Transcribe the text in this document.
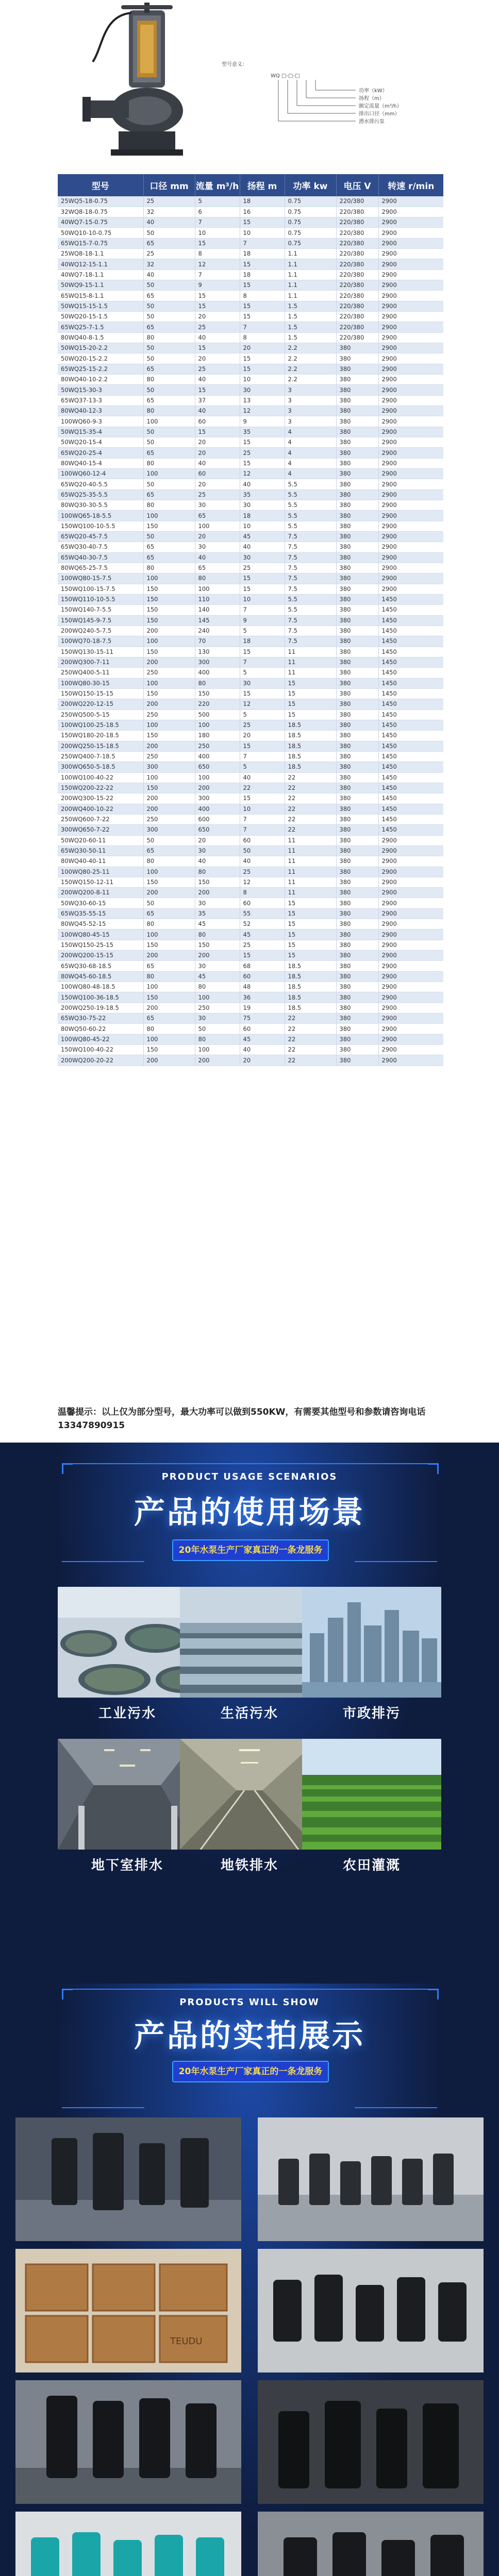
型号意义：
WQ □-□-□
功率（kW）
扬程（m）
额定流量（m³/h）
排出口径（mm）
潜水排污泵
型号	口径 mm	流量 m³/h	扬程 m	功率 kw	电压 V	转速 r/min
25WQ5-18-0.75	25	5	18	0.75	220/380	2900
32WQ8-18-0.75	32	6	16	0.75	220/380	2900
40WQ7-15-0.75	40	7	15	0.75	220/380	2900
50WQ10-10-0.75	50	10	10	0.75	220/380	2900
65WQ15-7-0.75	65	15	7	0.75	220/380	2900
25WQ8-18-1.1	25	8	18	1.1	220/380	2900
40WQ12-15-1.1	32	12	15	1.1	220/380	2900
40WQ7-18-1.1	40	7	18	1.1	220/380	2900
50WQ9-15-1.1	50	9	15	1.1	220/380	2900
65WQ15-8-1.1	65	15	8	1.1	220/380	2900
50WQ15-15-1.5	50	15	15	1.5	220/380	2900
50WQ20-15-1.5	50	20	15	1.5	220/380	2900
65WQ25-7-1.5	65	25	7	1.5	220/380	2900
80WQ40-8-1.5	80	40	8	1.5	220/380	2900
50WQ15-20-2.2	50	15	20	2.2	380	2900
50WQ20-15-2.2	50	20	15	2.2	380	2900
65WQ25-15-2.2	65	25	15	2.2	380	2900
80WQ40-10-2.2	80	40	10	2.2	380	2900
50WQ15-30-3	50	15	30	3	380	2900
65WQ37-13-3	65	37	13	3	380	2900
80WQ40-12-3	80	40	12	3	380	2900
100WQ60-9-3	100	60	9	3	380	2900
50WQ15-35-4	50	15	35	4	380	2900
50WQ20-15-4	50	20	15	4	380	2900
65WQ20-25-4	65	20	25	4	380	2900
80WQ40-15-4	80	40	15	4	380	2900
100WQ60-12-4	100	60	12	4	380	2900
65WQ20-40-5.5	50	20	40	5.5	380	2900
65WQ25-35-5.5	65	25	35	5.5	380	2900
80WQ30-30-5.5	80	30	30	5.5	380	2900
100WQ65-18-5.5	100	65	18	5.5	380	2900
150WQ100-10-5.5	150	100	10	5.5	380	2900
65WQ20-45-7.5	50	20	45	7.5	380	2900
65WQ30-40-7.5	65	30	40	7.5	380	2900
65WQ40-30-7.5	65	40	30	7.5	380	2900
80WQ65-25-7.5	80	65	25	7.5	380	2900
100WQ80-15-7.5	100	80	15	7.5	380	2900
150WQ100-15-7.5	150	100	15	7.5	380	2900
150WQ110-10-5.5	150	110	10	5.5	380	1450
150WQ140-7-5.5	150	140	7	5.5	380	1450
150WQ145-9-7.5	150	145	9	7.5	380	1450
200WQ240-5-7.5	200	240	5	7.5	380	1450
100WQ70-18-7.5	100	70	18	7.5	380	1450
150WQ130-15-11	150	130	15	11	380	1450
200WQ300-7-11	200	300	7	11	380	1450
250WQ400-5-11	250	400	5	11	380	1450
100WQ80-30-15	100	80	30	15	380	1450
150WQ150-15-15	150	150	15	15	380	1450
200WQ220-12-15	200	220	12	15	380	1450
250WQ500-5-15	250	500	5	15	380	1450
100WQ100-25-18.5	100	100	25	18.5	380	1450
150WQ180-20-18.5	150	180	20	18.5	380	1450
200WQ250-15-18.5	200	250	15	18.5	380	1450
250WQ400-7-18.5	250	400	7	18.5	380	1450
300WQ650-5-18.5	300	650	5	18.5	380	1450
100WQ100-40-22	100	100	40	22	380	1450
150WQ200-22-22	150	200	22	22	380	1450
200WQ300-15-22	200	300	15	22	380	1450
200WQ400-10-22	200	400	10	22	380	1450
250WQ600-7-22	250	600	7	22	380	1450
300WQ650-7-22	300	650	7	22	380	1450
50WQ20-60-11	50	20	60	11	380	2900
65WQ30-50-11	65	30	50	11	380	2900
80WQ40-40-11	80	40	40	11	380	2900
100WQ80-25-11	100	80	25	11	380	2900
150WQ150-12-11	150	150	12	11	380	2900
200WQ200-8-11	200	200	8	11	380	2900
50WQ30-60-15	50	30	60	15	380	2900
65WQ35-55-15	65	35	55	15	380	2900
80WQ45-52-15	80	45	52	15	380	2900
100WQ80-45-15	100	80	45	15	380	2900
150WQ150-25-15	150	150	25	15	380	2900
200WQ200-15-15	200	200	15	15	380	2900
65WQ30-68-18.5	65	30	68	18.5	380	2900
80WQ45-60-18.5	80	45	60	18.5	380	2900
100WQ80-48-18.5	100	80	48	18.5	380	2900
150WQ100-36-18.5	150	100	36	18.5	380	2900
200WQ250-19-18.5	200	250	19	18.5	380	2900
65WQ30-75-22	65	30	75	22	380	2900
80WQ50-60-22	80	50	60	22	380	2900
100WQ80-45-22	100	80	45	22	380	2900
150WQ100-40-22	150	100	40	22	380	2900
200WQ200-20-22	200	200	20	22	380	2900
温馨提示：以上仅为部分型号，最大功率可以做到550KW，有需要其他型号和参数请咨询电话 13347890915
PRODUCT USAGE SCENARIOS
产品的使用场景
20年水泵生产厂家真正的一条龙服务
工业污水	生活污水	市政排污
地下室排水	地铁排水	农田灌溉
PRODUCTS WILL SHOW
产品的实拍展示
20年水泵生产厂家真正的一条龙服务
TEUDU
